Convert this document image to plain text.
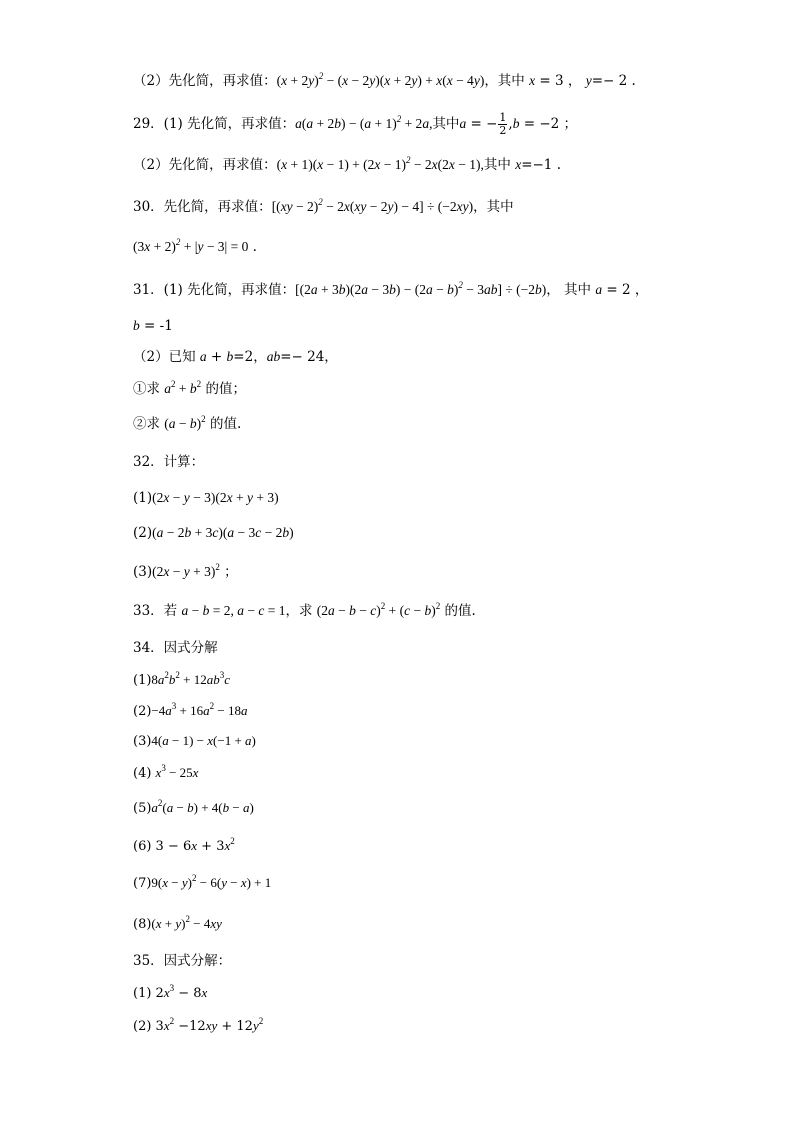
（2）先化简，再求值：$(x + 2y)^2 - (x - 2y)(x + 2y) + x(x - 4y)$，其中 x = 3 ， y=− 2 .
29．(1) 先化简，再求值：$a(a + 2b) - (a + 1)^2 + 2a$,其中a = − $\frac{1}{2} ,b = -2$ ；
（2）先化简，再求值：$(x + 1)(x - 1) + (2x - 1)^2 - 2x(2x - 1)$,其中 x=−1 .
30．先化简，再求值：[(xy − 2)$^2$ − 2x(xy − 2y) − 4] ÷ (−2xy)，其中
$(3x + 2)^2 + |y - 3| = 0$ .
31．(1) 先化简，再求值：$[(2a + 3b)(2a - 3b) - (2a - b)^2 - 3ab] \div (-2b)$， 其中 a = 2 ，
b = -1
（2）已知 a + b=2，ab=− 24，
①求 $a^2 + b^2$ 的值；
②求 $(a - b)^2$ 的值.
32．计算：
(1)(2x − y − 3)(2x + y + 3)
(2)(a − 2b + 3c)(a − 3c − 2b)
$(3)(2x - y + 3)^2$ ；
33．若 a − b = 2, a − c = 1，求 $(2a - b - c)^2 + (c - b)^2$ 的值.
34．因式分解
$(1)8a^2b^2 + 12ab^3c$
$(2)-4a^3 + 16a^2 - 18a$
(3)4(a − 1) − x(−1 + a)
(4) $x^3 - 25x$
$(5)a^2(a - b) + 4(b - a)$
(6) $3 - 6x + 3x^2$
$(7)9(x - y)^2 - 6(y - x) + 1$
$(8)(x + y)^2 - 4xy$
35．因式分解：
(1) $2x^3 - 8x$
(2) $3x^2 -12xy + 12y^2$
